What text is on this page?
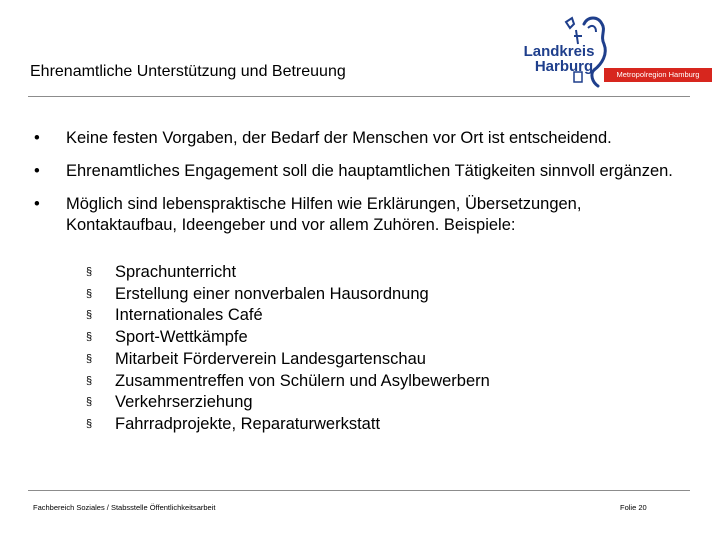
Ehrenamtliche Unterstützung und Betreuung
Landkreis

Harburg	Metropolregion Hamburg
• Keine festen Vorgaben, der Bedarf der Menschen vor Ort ist entscheidend.
• Ehrenamtliches Engagement soll die hauptamtlichen Tätigkeiten sinnvoll ergänzen.
• Möglich sind lebenspraktische Hilfen wie Erklärungen, Übersetzungen, Kontaktaufbau, Ideengeber und vor allem Zuhören. Beispiele:
§ Sprachunterricht
§ Erstellung einer nonverbalen Hausordnung
§ Internationales Café
§ Sport-Wettkämpfe
§ Mitarbeit Förderverein Landesgartenschau
§ Zusammentreffen von Schülern und Asylbewerbern
§ Verkehrserziehung
§ Fahrradprojekte, Reparaturwerkstatt
Fachbereich Soziales / Stabsstelle Öffentlichkeitsarbeit	Folie 20
